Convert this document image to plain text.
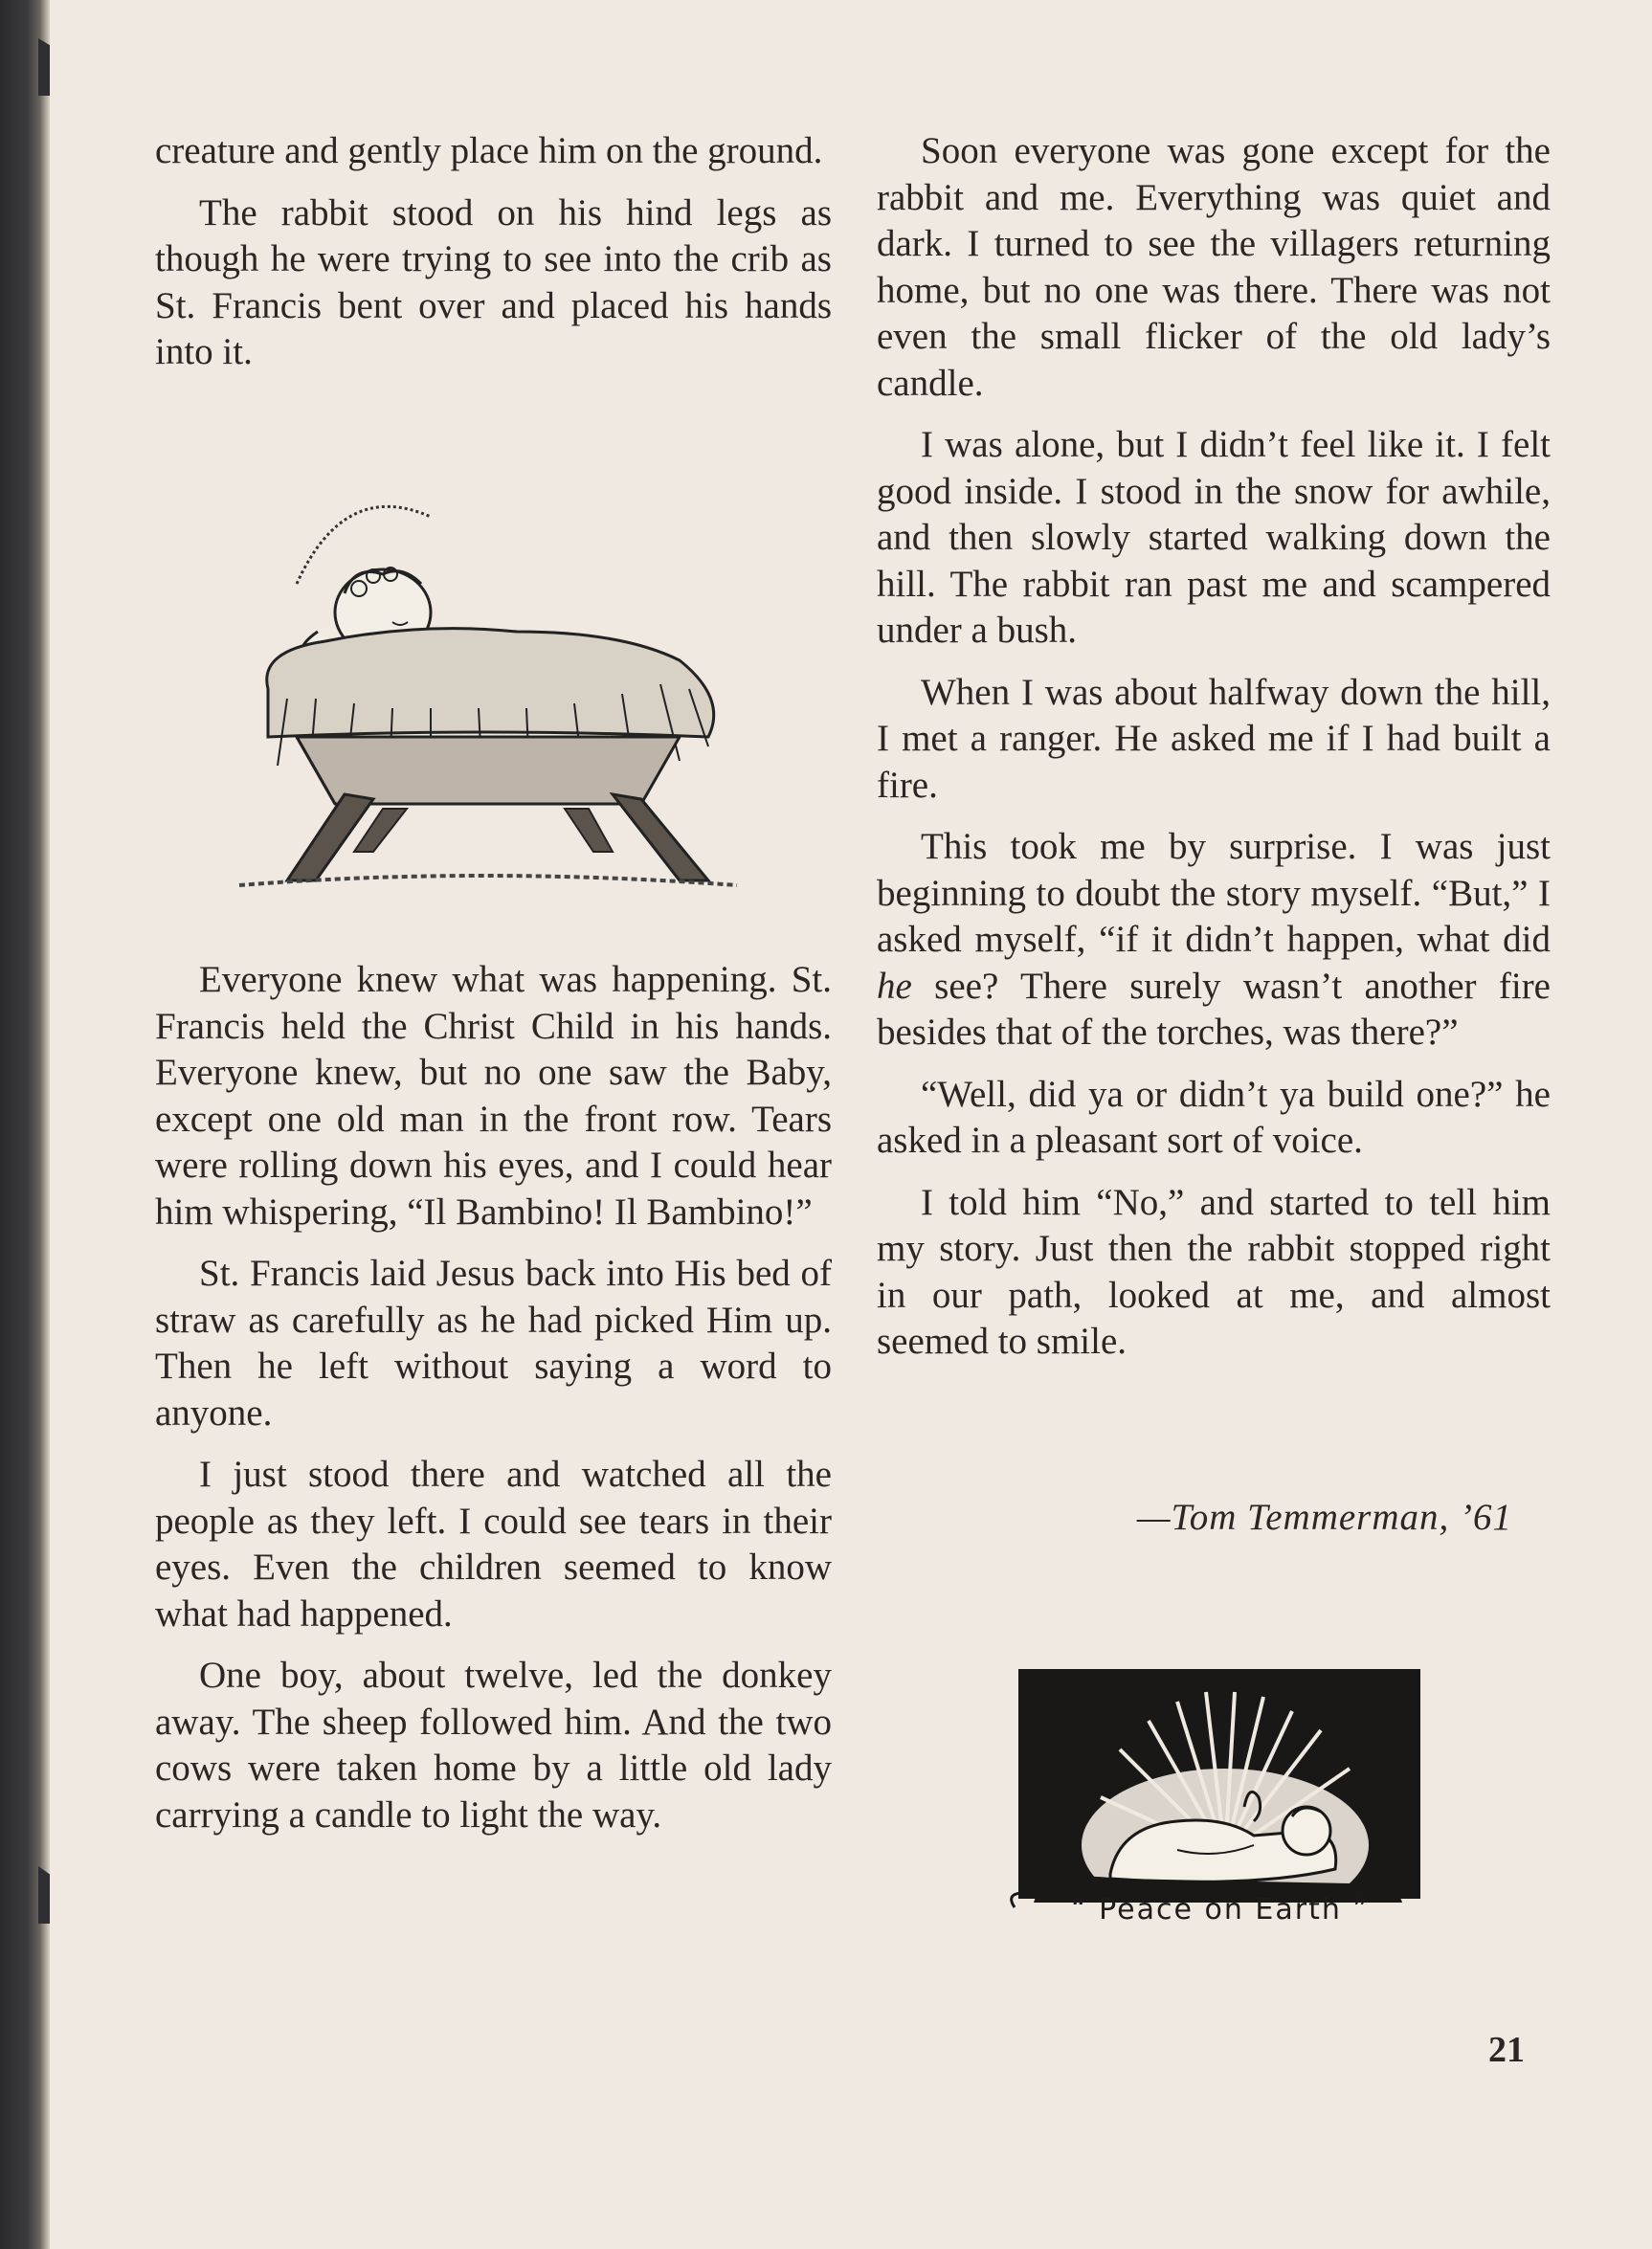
creature and gently place him on the ground.

The rabbit stood on his hind legs as though he were trying to see into the crib as St. Francis bent over and placed his hands into it.

Everyone knew what was happening. St. Francis held the Christ Child in his hands. Everyone knew, but no one saw the Baby, except one old man in the front row. Tears were rolling down his eyes, and I could hear him whispering, “Il Bambino! Il Bambino!”

St. Francis laid Jesus back into His bed of straw as carefully as he had picked Him up. Then he left without saying a word to anyone.

I just stood there and watched all the people as they left. I could see tears in their eyes. Even the children seemed to know what had happened.

One boy, about twelve, led the donkey away. The sheep followed him. And the two cows were taken home by a little old lady carrying a candle to light the way.

Soon everyone was gone except for the rabbit and me. Everything was quiet and dark. I turned to see the villagers returning home, but no one was there. There was not even the small flicker of the old lady’s candle.

I was alone, but I didn’t feel like it. I felt good inside. I stood in the snow for awhile, and then slowly started walking down the hill. The rabbit ran past me and scampered under a bush.

When I was about halfway down the hill, I met a ranger. He asked me if I had built a fire.

This took me by surprise. I was just beginning to doubt the story myself. “But,” I asked myself, “if it didn’t happen, what did he see? There surely wasn’t another fire besides that of the torches, was there?”

“Well, did ya or didn’t ya build one?” he asked in a pleasant sort of voice.

I told him “No,” and started to tell him my story. Just then the rabbit stopped right in our path, looked at me, and almost seemed to smile.

—Tom Temmerman, ’61
“ Peace on Earth ”
21
